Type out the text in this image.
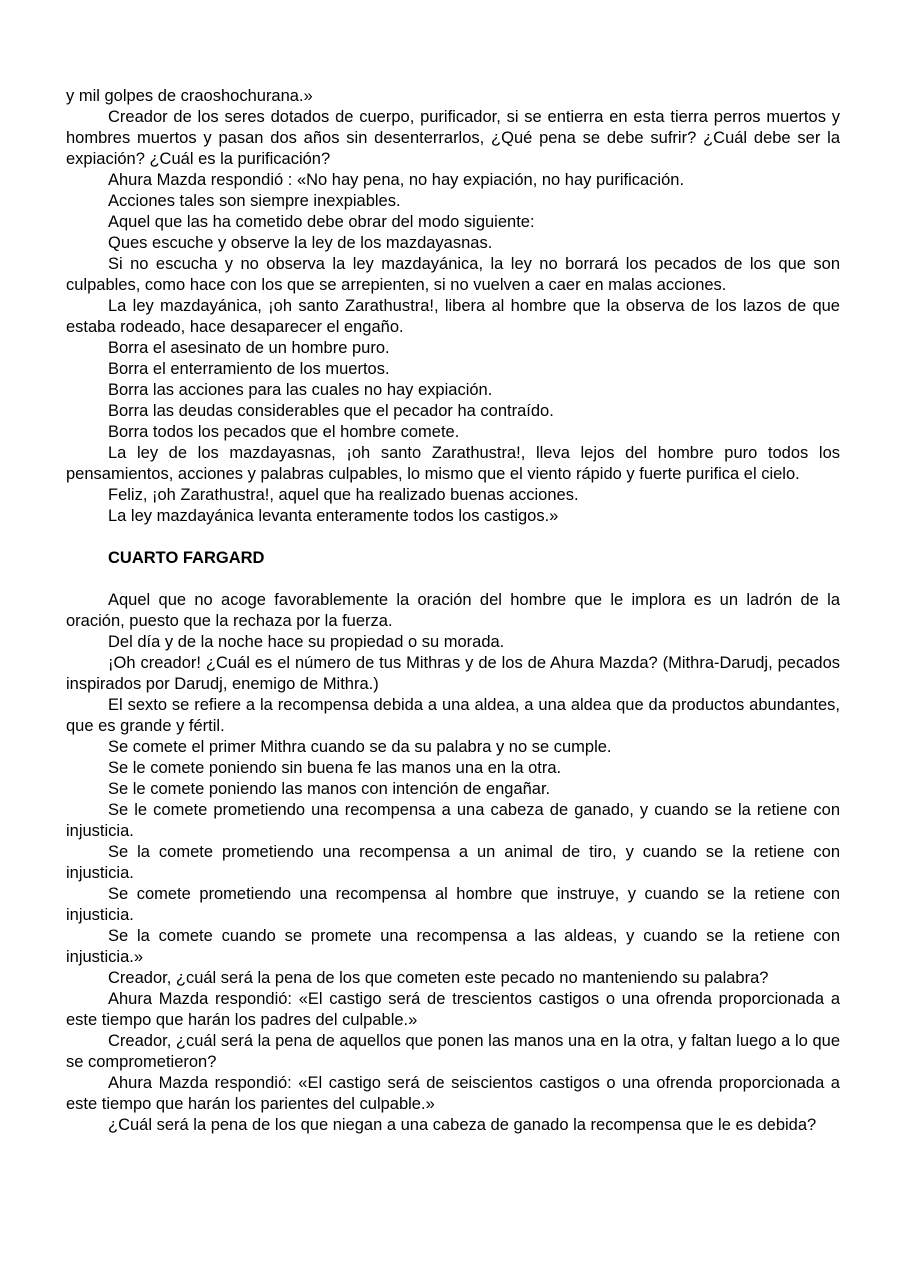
y mil golpes de craoshochurana.»

Creador de los seres dotados de cuerpo, purificador, si se entierra en esta tierra perros muertos y hombres muertos y pasan dos años sin desenterrarlos, ¿Qué pena se debe sufrir? ¿Cuál debe ser la expiación? ¿Cuál es la purificación?

Ahura Mazda respondió : «No hay pena, no hay expiación, no hay purificación.

Acciones tales son siempre inexpiables.

Aquel que las ha cometido debe obrar del modo siguiente:

Ques escuche y observe la ley de los mazdayasnas.

Si no escucha y no observa la ley mazdayánica, la ley no borrará los pecados de los que son culpables, como hace con los que se arrepienten, si no vuelven a caer en malas acciones.

La ley mazdayánica, ¡oh santo Zarathustra!, libera al hombre que la observa de los lazos de que estaba rodeado, hace desaparecer el engaño.

Borra el asesinato de un hombre puro.

Borra el enterramiento de los muertos.

Borra las acciones para las cuales no hay expiación.

Borra las deudas considerables que el pecador ha contraído.

Borra todos los pecados que el hombre comete.

La ley de los mazdayasnas, ¡oh santo Zarathustra!, lleva lejos del hombre puro todos los pensamientos, acciones y palabras culpables, lo mismo que el viento rápido y fuerte purifica el cielo.

Feliz, ¡oh Zarathustra!, aquel que ha realizado buenas acciones.

La ley mazdayánica levanta enteramente todos los castigos.»

CUARTO FARGARD

Aquel que no acoge favorablemente la oración del hombre que le implora es un ladrón de la oración, puesto que la rechaza por la fuerza.

Del día y de la noche hace su propiedad o su morada.

¡Oh creador! ¿Cuál es el número de tus Mithras y de los de Ahura Mazda? (Mithra-Darudj, pecados inspirados por Darudj, enemigo de Mithra.)

El sexto se refiere a la recompensa debida a una aldea, a una aldea que da productos abundantes, que es grande y fértil.

Se comete el primer Mithra cuando se da su palabra y no se cumple.

Se le comete poniendo sin buena fe las manos una en la otra.

Se le comete poniendo las manos con intención de engañar.

Se le comete prometiendo una recompensa a una cabeza de ganado, y cuando se la retiene con injusticia.

Se la comete prometiendo una recompensa a un animal de tiro, y cuando se la retiene con injusticia.

Se comete prometiendo una recompensa al hombre que instruye, y cuando se la retiene con injusticia.

Se la comete cuando se promete una recompensa a las aldeas, y cuando se la retiene con injusticia.»

Creador, ¿cuál será la pena de los que cometen este pecado no manteniendo su palabra?

Ahura Mazda respondió: «El castigo será de trescientos castigos o una ofrenda proporcionada a este tiempo que harán los padres del culpable.»

Creador, ¿cuál será la pena de aquellos que ponen las manos una en la otra, y faltan luego a lo que se comprometieron?

Ahura Mazda respondió: «El castigo será de seiscientos castigos o una ofrenda proporcionada a este tiempo que harán los parientes del culpable.»

¿Cuál será la pena de los que niegan a una cabeza de ganado la recompensa que le es debida?
